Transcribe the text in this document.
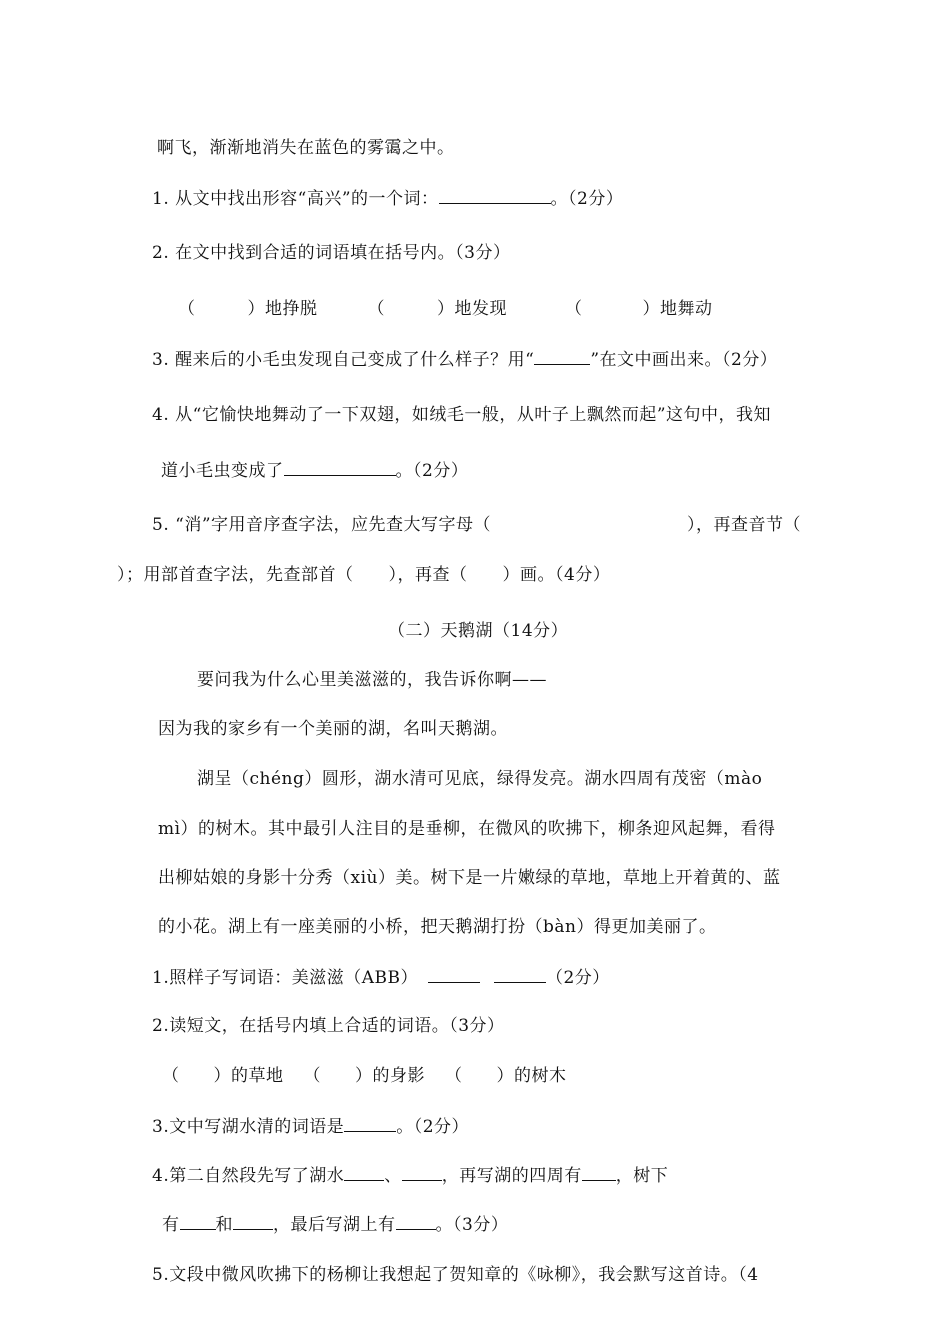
啊飞，渐渐地消失在蓝色的雾霭之中。
1. 从文中找出形容“高兴”的一个词：	。（2分）
2. 在文中找到合适的词语填在括号内。（3分）
（	）地挣脱	（	）地发现	（	）地舞动
3. 醒来后的小毛虫发现自己变成了什么样子？用“	”在文中画出来。（2分）
4. 从“它愉快地舞动了一下双翅，如绒毛一般，从叶子上飘然而起”这句中，我知
道小毛虫变成了	。（2分）
5. “消”字用音序查字法，应先查大写字母（	），再查音节（
）；用部首查字法，先查部首（　　），再查（　　）画。（4分）
（二）天鹅湖（14分）
要问我为什么心里美滋滋的，我告诉你啊——
因为我的家乡有一个美丽的湖，名叫天鹅湖。
湖呈（chéng）圆形，湖水清可见底，绿得发亮。湖水四周有茂密（mào
mì）的树木。其中最引人注目的是垂柳，在微风的吹拂下，柳条迎风起舞，看得
出柳姑娘的身影十分秀（xiù）美。树下是一片嫩绿的草地，草地上开着黄的、蓝
的小花。湖上有一座美丽的小桥，把天鹅湖打扮（bàn）得更加美丽了。
1.照样子写词语：美滋滋（ABB）	（2分）
2.读短文，在括号内填上合适的词语。（3分）
（ ）的草地 （ ）的身影 （ ）的树木
3.文中写湖水清的词语是	。（2分）
4.第二自然段先写了湖水 、 ，再写湖的四周有 ，树下
有 和 ，最后写湖上有 。（3分）
5.文段中微风吹拂下的杨柳让我想起了贺知章的《咏柳》，我会默写这首诗。（4
